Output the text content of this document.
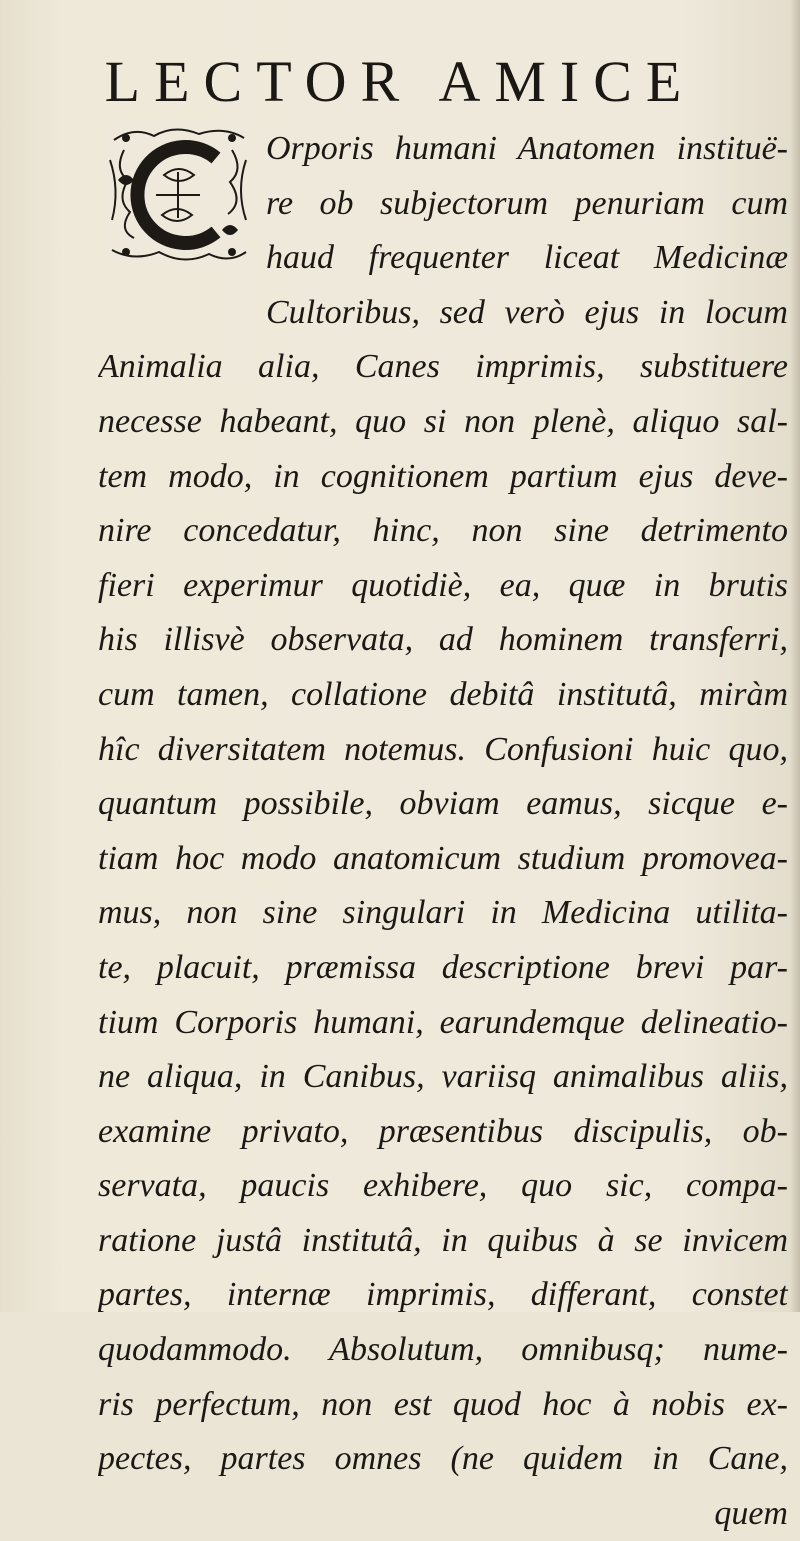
LECTOR AMICE
Orporis humani Anatomen instituë-
re ob subjectorum penuriam cum
haud frequenter liceat Medicinæ
Cultoribus, sed verò ejus in locum
Animalia alia, Canes imprimis, substituere
necesse habeant, quo si non plenè, aliquo sal-
tem modo, in cognitionem partium ejus deve-
nire concedatur, hinc, non sine detrimento
fieri experimur quotidiè, ea, quæ in brutis
his illisvè observata, ad hominem transferri,
cum tamen, collatione debitâ institutâ, miràm
hîc diversitatem notemus. Confusioni huic quo,
quantum possibile, obviam eamus, sicque e-
tiam hoc modo anatomicum studium promovea-
mus, non sine singulari in Medicina utilita-
te, placuit, præmissa descriptione brevi par-
tium Corporis humani, earundemque delineatio-
ne aliqua, in Canibus, variisq animalibus aliis,
examine privato, præsentibus discipulis, ob-
servata, paucis exhibere, quo sic, compa-
ratione justâ institutâ, in quibus à se invicem
partes, internæ imprimis, differant, constet
quodammodo. Absolutum, omnibusq; nume-
ris perfectum, non est quod hoc à nobis ex-
pectes, partes omnes (ne quidem in Cane,
quem
